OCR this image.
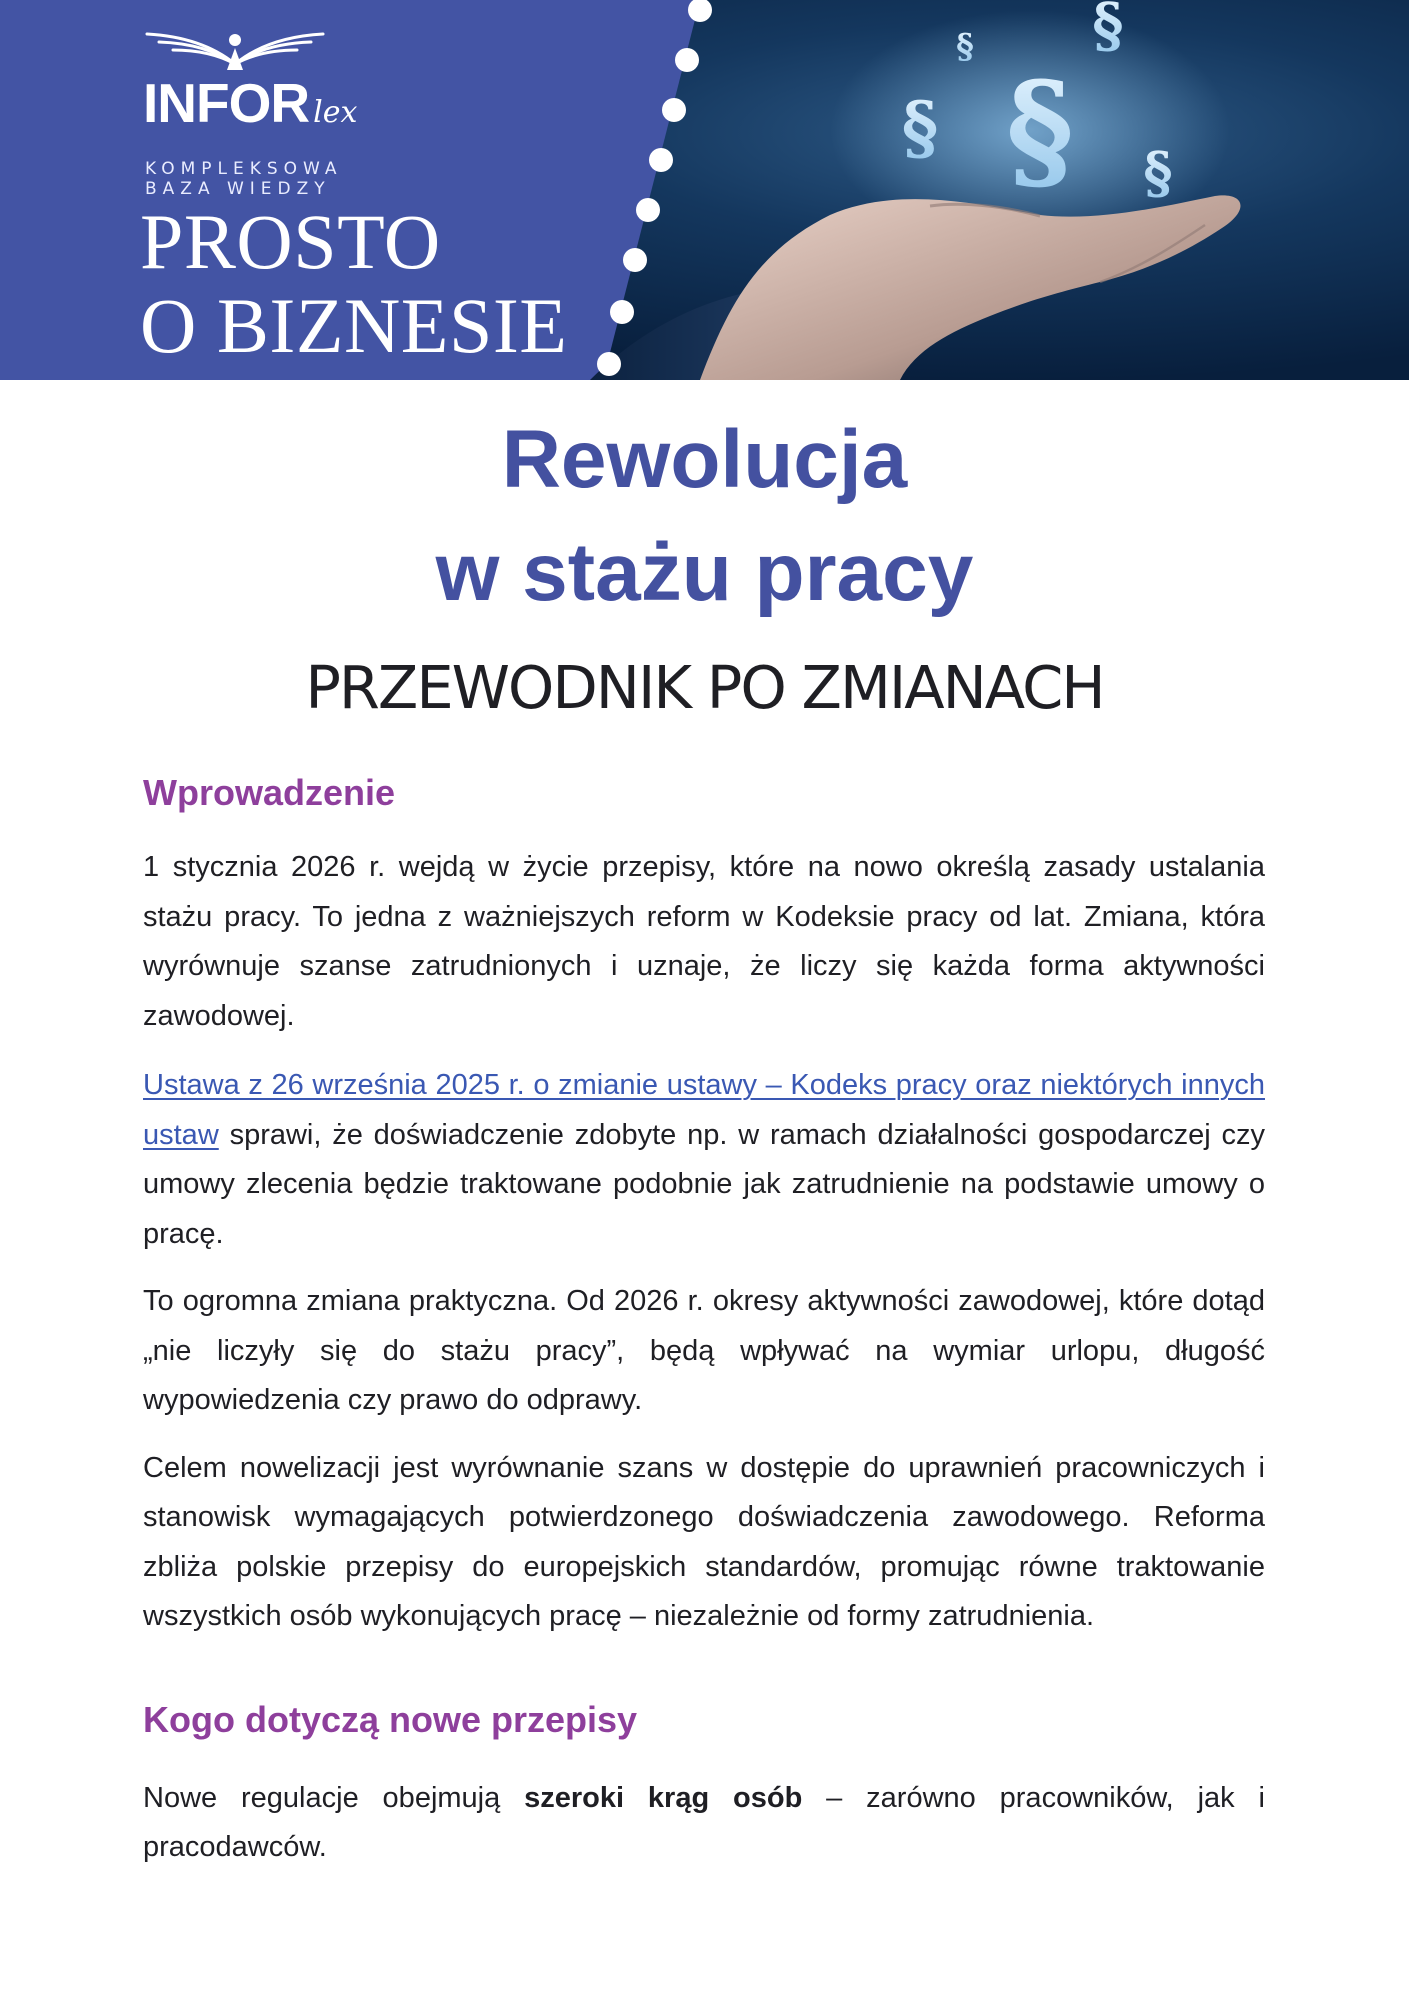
§
§
§
§
§
INFOR lex
KOMPLEKSOWA
BAZA WIEDZY
PROSTO
O BIZNESIE
Rewolucja
w stażu pracy
PRZEWODNIK PO ZMIANACH
Wprowadzenie

1 stycznia 2026 r. wejdą w życie przepisy, które na nowo określą zasady ustalania stażu pracy. To jedna z ważniejszych reform w Kodeksie pracy od lat. Zmiana, która wyrównuje szanse zatrudnionych i uznaje, że liczy się każda forma aktywności zawodowej.

Ustawa z 26 września 2025 r. o zmianie ustawy – Kodeks pracy oraz niektórych innych ustaw sprawi, że doświadczenie zdobyte np. w ramach działalności gospodarczej czy umowy zlecenia będzie traktowane podobnie jak zatrudnienie na podstawie umowy o pracę.

To ogromna zmiana praktyczna. Od 2026 r. okresy aktywności zawodowej, które dotąd „nie liczyły się do stażu pracy”, będą wpływać na wymiar urlopu, długość wypowiedzenia czy prawo do odprawy.

Celem nowelizacji jest wyrównanie szans w dostępie do uprawnień pracowniczych i stanowisk wymagających potwierdzonego doświadczenia zawodowego. Reforma zbliża polskie przepisy do europejskich standardów, promując równe traktowanie wszystkich osób wykonujących pracę – niezależnie od formy zatrudnienia.

Kogo dotyczą nowe przepisy

Nowe regulacje obejmują szeroki krąg osób – zarówno pracowników, jak i pracodawców.
